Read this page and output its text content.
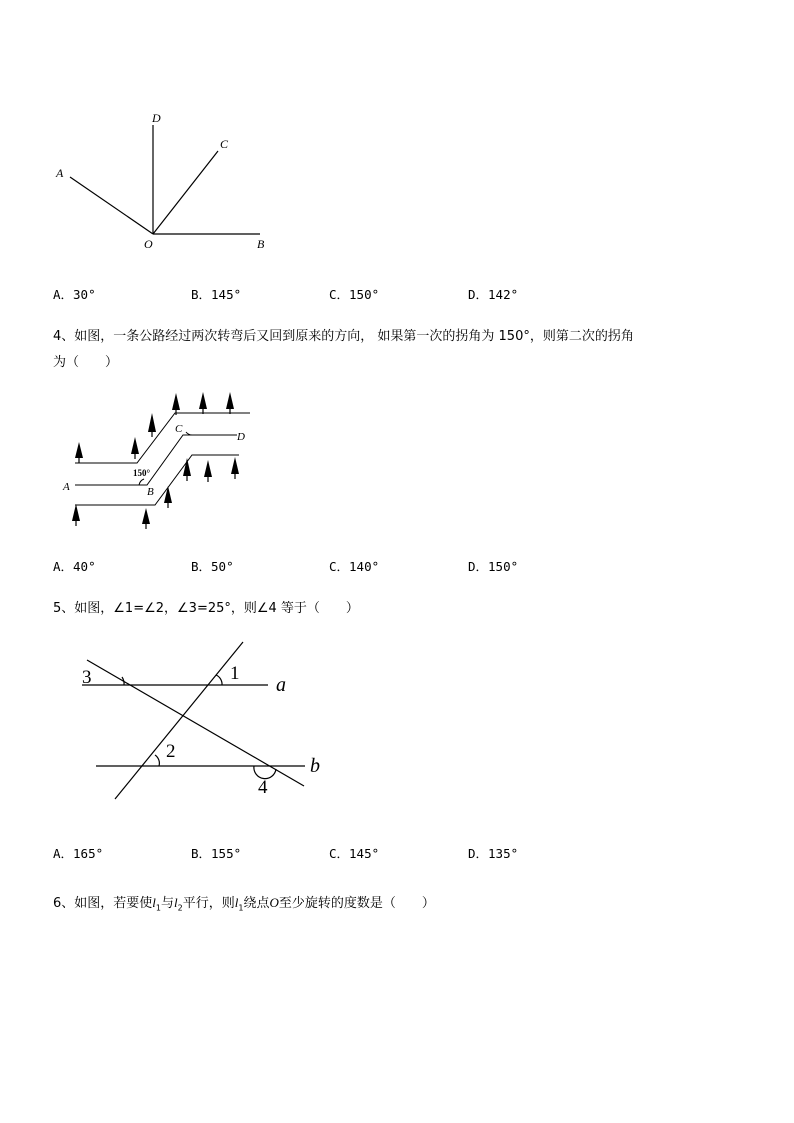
D
C
A
O	B
A．30°	B．145°	C．150°	D．142°
4、如图，一条公路经过两次转弯后又回到原来的方向， 如果第一次的拐角为 150°，则第二次的拐角
为（　　）
A	B
C
D
150°
A．40°	B．50°	C．140°	D．150°
5、如图，∠1=∠2，∠3=25°，则∠4 等于（　　）
1
2
3
4
a
b
A．165°	B．155°	C．145°	D．135°
6、如图，若要使$l_1$与$l_2$平行，则$l_1$绕点O至少旋转的度数是（　　）
